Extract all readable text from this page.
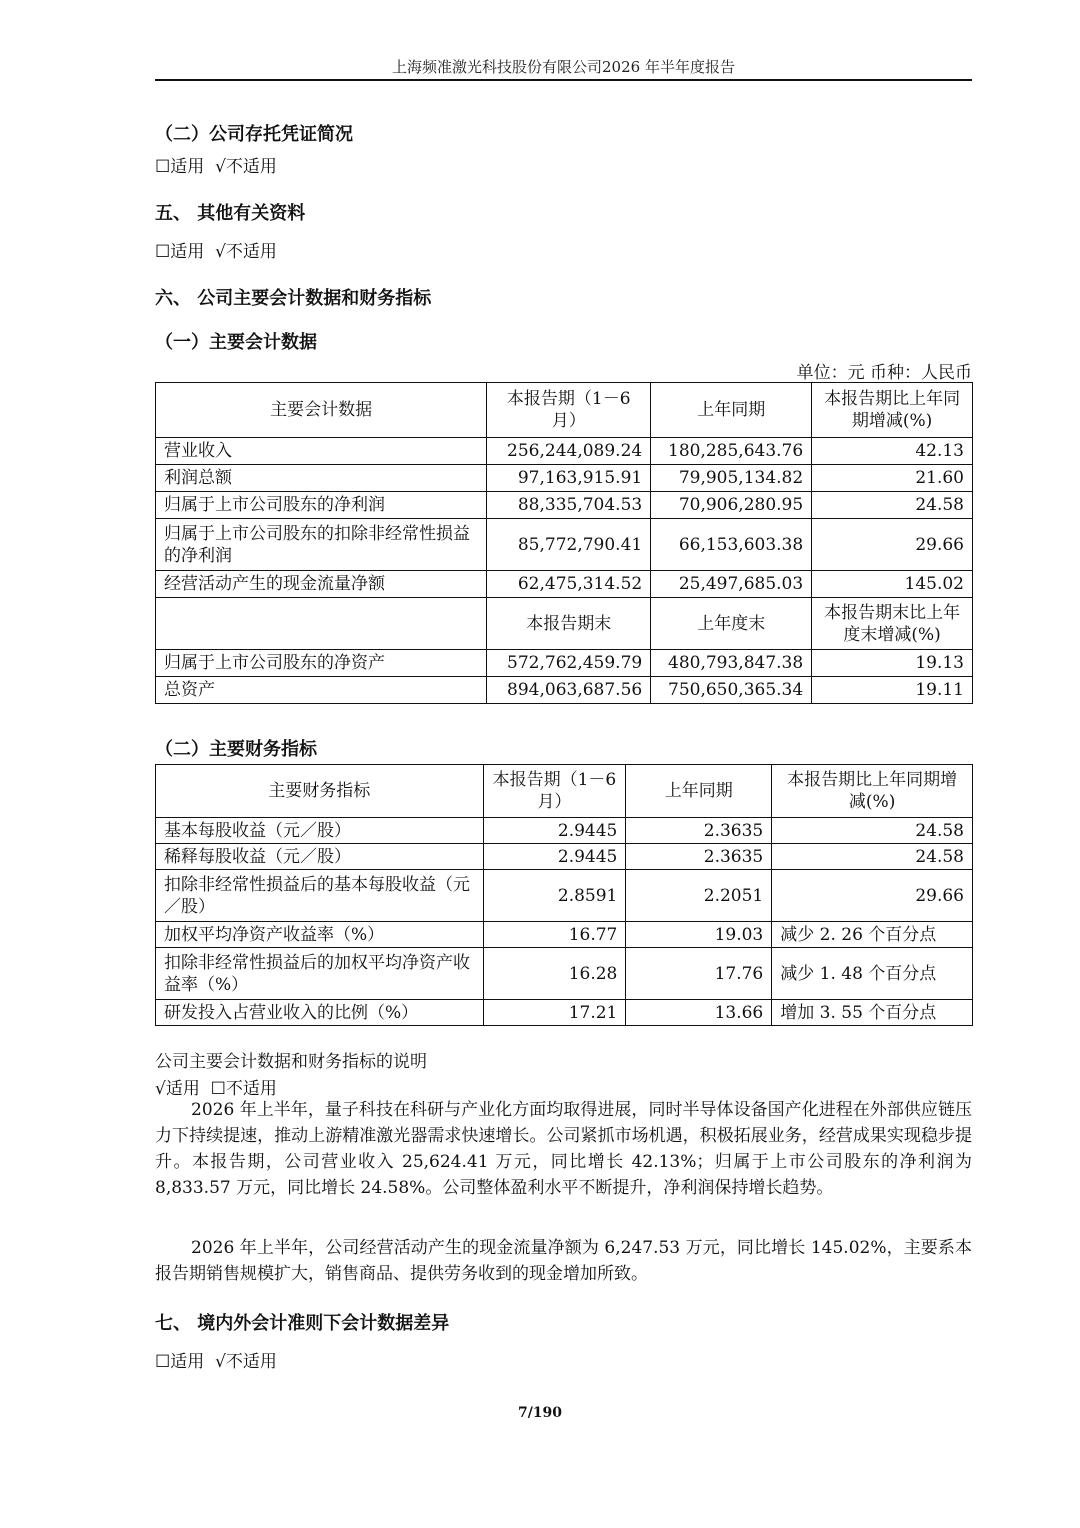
上海频准激光科技股份有限公司2026 年半年度报告
（二）公司存托凭证简况
☐适用 √不适用
五、 其他有关资料
☐适用 √不适用
六、 公司主要会计数据和财务指标
（一）主要会计数据
单位：元 币种：人民币
主要会计数据	本报告期（1－6月）	上年同期	本报告期比上年同期增减(%)
营业收入	256,244,089.24	180,285,643.76	42.13
利润总额	97,163,915.91	79,905,134.82	21.60
归属于上市公司股东的净利润	88,335,704.53	70,906,280.95	24.58
归属于上市公司股东的扣除非经常性损益的净利润	85,772,790.41	66,153,603.38	29.66
经营活动产生的现金流量净额	62,475,314.52	25,497,685.03	145.02
	本报告期末	上年度末	本报告期末比上年度末增减(%)
归属于上市公司股东的净资产	572,762,459.79	480,793,847.38	19.13
总资产	894,063,687.56	750,650,365.34	19.11
（二）主要财务指标
主要财务指标	本报告期（1－6月）	上年同期	本报告期比上年同期增减(%)
基本每股收益（元／股）	2.9445	2.3635	24.58
稀释每股收益（元／股）	2.9445	2.3635	24.58
扣除非经常性损益后的基本每股收益（元／股）	2.8591	2.2051	29.66
加权平均净资产收益率（%）	16.77	19.03	减少 2. 26 个百分点
扣除非经常性损益后的加权平均净资产收益率（%）	16.28	17.76	减少 1. 48 个百分点
研发投入占营业收入的比例（%）	17.21	13.66	增加 3. 55 个百分点
公司主要会计数据和财务指标的说明
√适用 ☐不适用

2026 年上半年，量子科技在科研与产业化方面均取得进展，同时半导体设备国产化进程在外部供应链压力下持续提速，推动上游精准激光器需求快速增长。公司紧抓市场机遇，积极拓展业务，经营成果实现稳步提升。本报告期，公司营业收入 25,624.41 万元，同比增长 42.13%；归属于上市公司股东的净利润为 8,833.57 万元，同比增长 24.58%。公司整体盈利水平不断提升，净利润保持增长趋势。

2026 年上半年，公司经营活动产生的现金流量净额为 6,247.53 万元，同比增长 145.02%，主要系本报告期销售规模扩大，销售商品、提供劳务收到的现金增加所致。

七、 境内外会计准则下会计数据差异
☐适用 √不适用
7/190
